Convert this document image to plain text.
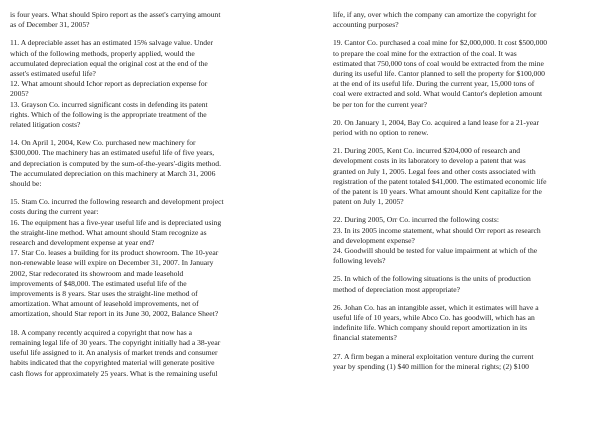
is four years. What should Spiro report as the asset's carrying amount
as of December 31, 2005?

11. A depreciable asset has an estimated 15% salvage value. Under
which of the following methods, properly applied, would the
accumulated depreciation equal the original cost at the end of the
asset's estimated useful life?

12. What amount should Ichor report as depreciation expense for
2005?

13. Grayson Co. incurred significant costs in defending its patent
rights. Which of the following is the appropriate treatment of the
related litigation costs?

14. On April 1, 2004, Kew Co. purchased new machinery for
$300,000. The machinery has an estimated useful life of five years,
and depreciation is computed by the sum-of-the-years'-digits method.
The accumulated depreciation on this machinery at March 31, 2006
should be:

15. Stam Co. incurred the following research and development project
costs during the current year:

16. The equipment has a five-year useful life and is depreciated using
the straight-line method. What amount should Stam recognize as
research and development expense at year end?

17. Star Co. leases a building for its product showroom. The 10-year
non-renewable lease will expire on December 31, 2007. In January
2002, Star redecorated its showroom and made leasehold
improvements of $48,000. The estimated useful life of the
improvements is 8 years. Star uses the straight-line method of
amortization. What amount of leasehold improvements, net of
amortization, should Star report in its June 30, 2002, Balance Sheet?

18. A company recently acquired a copyright that now has a
remaining legal life of 30 years. The copyright initially had a 38-year
useful life assigned to it. An analysis of market trends and consumer
habits indicated that the copyrighted material will generate positive
cash flows for approximately 25 years. What is the remaining useful

life, if any, over which the company can amortize the copyright for
accounting purposes?

19. Cantor Co. purchased a coal mine for $2,000,000. It cost $500,000
to prepare the coal mine for the extraction of the coal. It was
estimated that 750,000 tons of coal would be extracted from the mine
during its useful life. Cantor planned to sell the property for $100,000
at the end of its useful life. During the current year, 15,000 tons of
coal were extracted and sold. What would Cantor's depletion amount
be per ton for the current year?

20. On January 1, 2004, Bay Co. acquired a land lease for a 21-year
period with no option to renew.

21. During 2005, Kent Co. incurred $204,000 of research and
development costs in its laboratory to develop a patent that was
granted on July 1, 2005. Legal fees and other costs associated with
registration of the patent totaled $41,000. The estimated economic life
of the patent is 10 years. What amount should Kent capitalize for the
patent on July 1, 2005?

22. During 2005, Orr Co. incurred the following costs:

23. In its 2005 income statement, what should Orr report as research
and development expense?

24. Goodwill should be tested for value impairment at which of the
following levels?

25. In which of the following situations is the units of production
method of depreciation most appropriate?

26. Johan Co. has an intangible asset, which it estimates will have a
useful life of 10 years, while Abco Co. has goodwill, which has an
indefinite life. Which company should report amortization in its
financial statements?

27. A firm began a mineral exploitation venture during the current
year by spending (1) $40 million for the mineral rights; (2) $100
